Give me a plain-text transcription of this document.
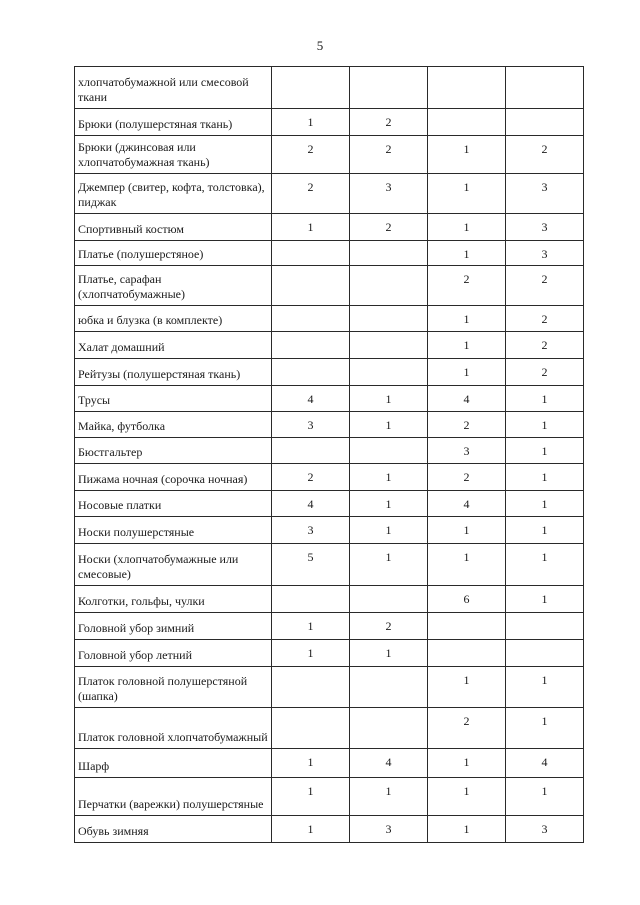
5
хлопчатобумажной или смесовой ткани				
Брюки (полушерстяная ткань)	1	2		
Брюки (джинсовая или хлопчатобумажная ткань)	2	2	1	2
Джемпер (свитер, кофта, толстовка), пиджак	2	3	1	3
Спортивный костюм	1	2	1	3
Платье (полушерстяное)			1	3
Платье, сарафан (хлопчатобумажные)			2	2
юбка и блузка (в комплекте)			1	2
Халат домашний			1	2
Рейтузы (полушерстяная ткань)			1	2
Трусы	4	1	4	1
Майка, футболка	3	1	2	1
Бюстгальтер			3	1
Пижама ночная (сорочка ночная)	2	1	2	1
Носовые платки	4	1	4	1
Носки полушерстяные	3	1	1	1
Носки (хлопчатобумажные или смесовые)	5	1	1	1
Колготки, гольфы, чулки			6	1
Головной убор зимний	1	2		
Головной убор летний	1	1		
Платок головной полушерстяной (шапка)			1	1
Платок головной хлопчатобумажный			2	1
Шарф	1	4	1	4
Перчатки (варежки) полушерстяные	1	1	1	1
Обувь зимняя	1	3	1	3
